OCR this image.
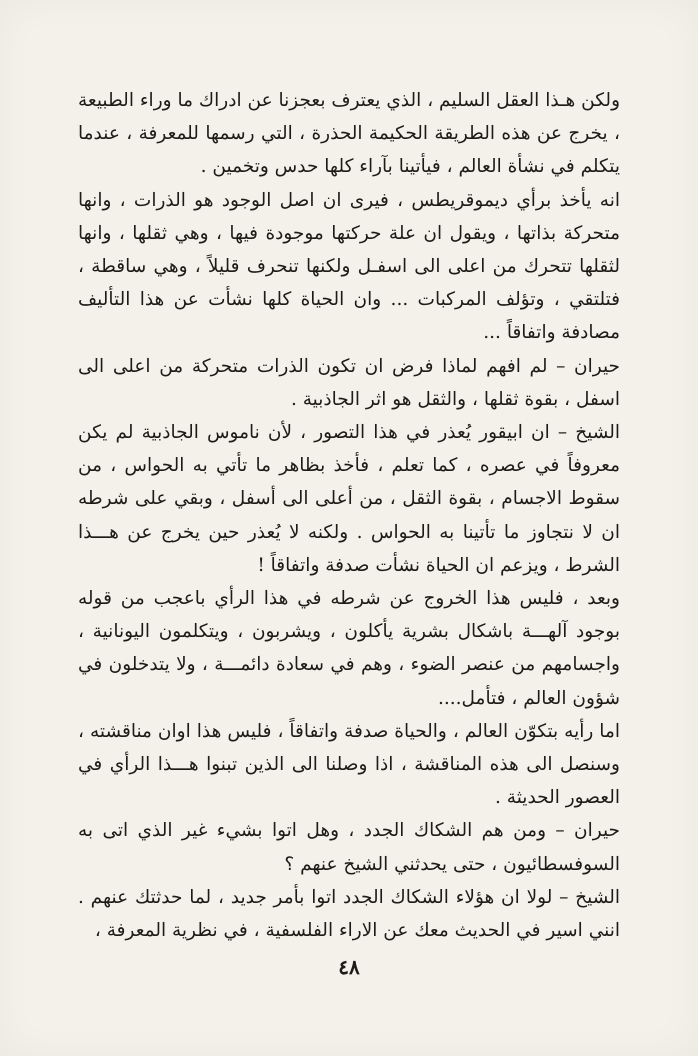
ولكن هـذا العقل السليم ، الذي يعترف بعجزنا عن ادراك ما وراء الطبيعة ، يخرج عن هذه الطريقة الحكيمة الحذرة ، التي رسمها للمعرفة ، عندما يتكلم في نشأة العالم ، فيأتينا بآراء كلها حدس وتخمين .

انه يأخذ برأي ديموقريطس ، فيرى ان اصل الوجود هو الذرات ، وانها متحركة بذاتها ، ويقول ان علة حركتها موجودة فيها ، وهي ثقلها ، وانها لثقلها تتحرك من اعلى الى اسفـل ولكنها تنحرف قليلاً ، وهي ساقطة ، فتلتقي ، وتؤلف المركبات ... وان الحياة كلها نشأت عن هذا التأليف مصادفة واتفاقاً ...

حيران – لم افهم لماذا فرض ان تكون الذرات متحركة من اعلى الى اسفل ، بقوة ثقلها ، والثقل هو اثر الجاذبية .

الشيخ – ان ابيقور يُعذر في هذا التصور ، لأن ناموس الجاذبية لم يكن معروفاً في عصره ، كما تعلم ، فأخذ بظاهر ما تأتي به الحواس ، من سقوط الاجسام ، بقوة الثقل ، من أعلى الى أسفل ، وبقي على شرطه ان لا نتجاوز ما تأتينا به الحواس . ولكنه لا يُعذر حين يخرج عن هـــذا الشرط ، ويزعم ان الحياة نشأت صدفة واتفاقاً !

وبعد ، فليس هذا الخروج عن شرطه في هذا الرأي باعجب من قوله بوجود آلهـــة باشكال بشرية يأكلون ، ويشربون ، ويتكلمون اليونانية ، واجسامهم من عنصر الضوء ، وهم في سعادة دائمـــة ، ولا يتدخلون في شؤون العالم ، فتأمل....

اما رأيه بتكوّن العالم ، والحياة صدفة واتفاقاً ، فليس هذا اوان مناقشته ، وسنصل الى هذه المناقشة ، اذا وصلنا الى الذين تبنوا هـــذا الرأي في العصور الحديثة .

حيران – ومن هم الشكاك الجدد ، وهل اتوا بشيء غير الذي اتى به السوفسطائيون ، حتى يحدثني الشيخ عنهم ؟

الشيخ – لولا ان هؤلاء الشكاك الجدد اتوا بأمر جديد ، لما حدثتك عنهم . انني اسير في الحديث معك عن الاراء الفلسفية ، في نظرية المعرفة ،

٤٨
